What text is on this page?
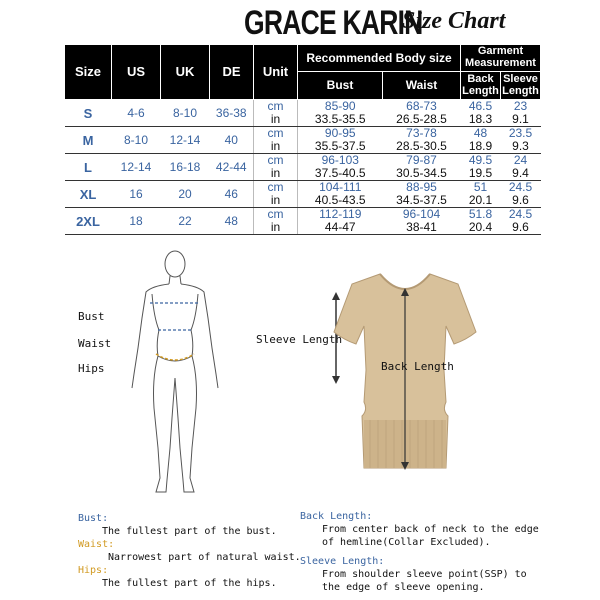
GRACE KARIN
Size Chart
Size	US	UK	DE	Unit	Recommended Body size		Garment Measurement	
					Bust	Waist	Back Length	Sleeve Length
S	4-6	8-10	36-38	cm	85-90	68-73	46.5	23
				in	33.5-35.5	26.5-28.5	18.3	9.1
M	8-10	12-14	40	cm	90-95	73-78	48	23.5
				in	35.5-37.5	28.5-30.5	18.9	9.3
L	12-14	16-18	42-44	cm	96-103	79-87	49.5	24
				in	37.5-40.5	30.5-34.5	19.5	9.4
XL	16	20	46	cm	104-111	88-95	51	24.5
				in	40.5-43.5	34.5-37.5	20.1	9.6
2XL	18	22	48	cm	112-119	96-104	51.8	24.5
				in	44-47	38-41	20.4	9.6
Bust
Waist
Hips
Sleeve Length
Back Length
Bust:
The fullest part of the bust.
Waist:
Narrowest part of natural waist.
Hips:
The fullest part of the hips.
Back Length:
From center back of neck to the edge
of hemline(Collar Excluded).
Sleeve Length:
From shoulder sleeve point(SSP) to
the edge of sleeve opening.
